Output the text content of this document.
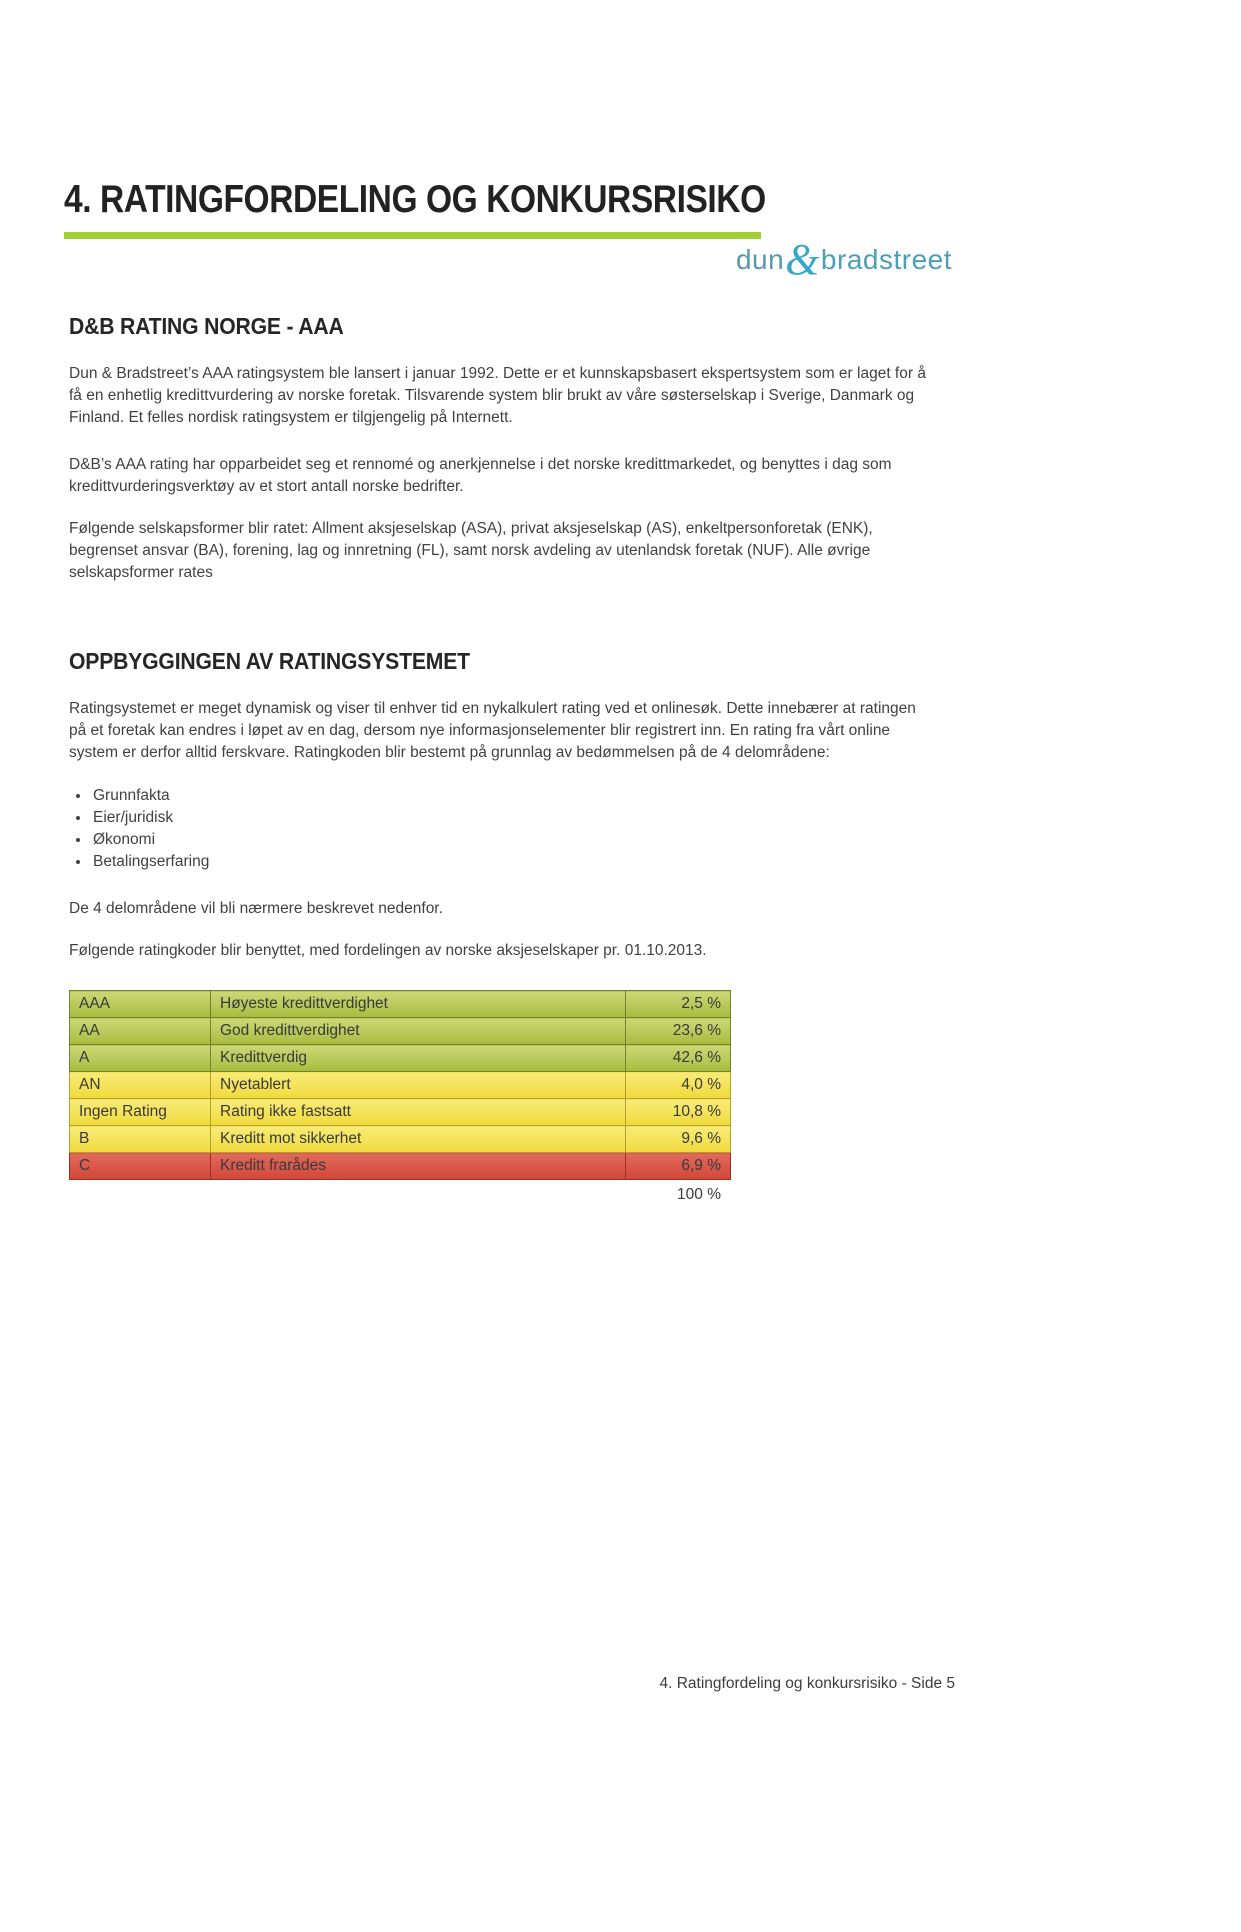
dun&bradstreet
4. RATINGFORDELING OG KONKURSRISIKO
D&B RATING NORGE - AAA

Dun & Bradstreet’s AAA ratingsystem ble lansert i januar 1992. Dette er et kunnskapsbasert ekspertsystem som er laget for å få en enhetlig kredittvurdering av norske foretak. Tilsvarende system blir brukt av våre søsterselskap i Sverige, Danmark og Finland. Et felles nordisk ratingsystem er tilgjengelig på Internett.

D&B’s AAA rating har opparbeidet seg et rennomé og anerkjennelse i det norske kredittmarkedet, og benyttes i dag som kredittvurderingsverktøy av et stort antall norske bedrifter.

Følgende selskapsformer blir ratet: Allment aksjeselskap (ASA), privat aksjeselskap (AS), enkeltpersonforetak (ENK), begrenset ansvar (BA), forening, lag og innretning (FL), samt norsk avdeling av utenlandsk foretak (NUF). Alle øvrige selskapsformer rates

OPPBYGGINGEN AV RATINGSYSTEMET

Ratingsystemet er meget dynamisk og viser til enhver tid en nykalkulert rating ved et onlinesøk. Dette innebærer at ratingen på et foretak kan endres i løpet av en dag, dersom nye informasjonselementer blir registrert inn. En rating fra vårt online system er derfor alltid ferskvare. Ratingkoden blir bestemt på grunnlag av bedømmelsen på de 4 delområdene:

• Grunnfakta
• Eier/juridisk
• Økonomi
• Betalingserfaring

De 4 delområdene vil bli nærmere beskrevet nedenfor.

Følgende ratingkoder blir benyttet, med fordelingen av norske aksjeselskaper pr. 01.10.2013.

AAA	Høyeste kredittverdighet	2,5 %
AA	God kredittverdighet	23,6 %
A	Kredittverdig	42,6 %
AN	Nyetablert	4,0 %
Ingen Rating	Rating ikke fastsatt	10,8 %
B	Kreditt mot sikkerhet	9,6 %
C	Kreditt frarådes	6,9 %
100 %
4. Ratingfordeling og konkursrisiko - Side 5
